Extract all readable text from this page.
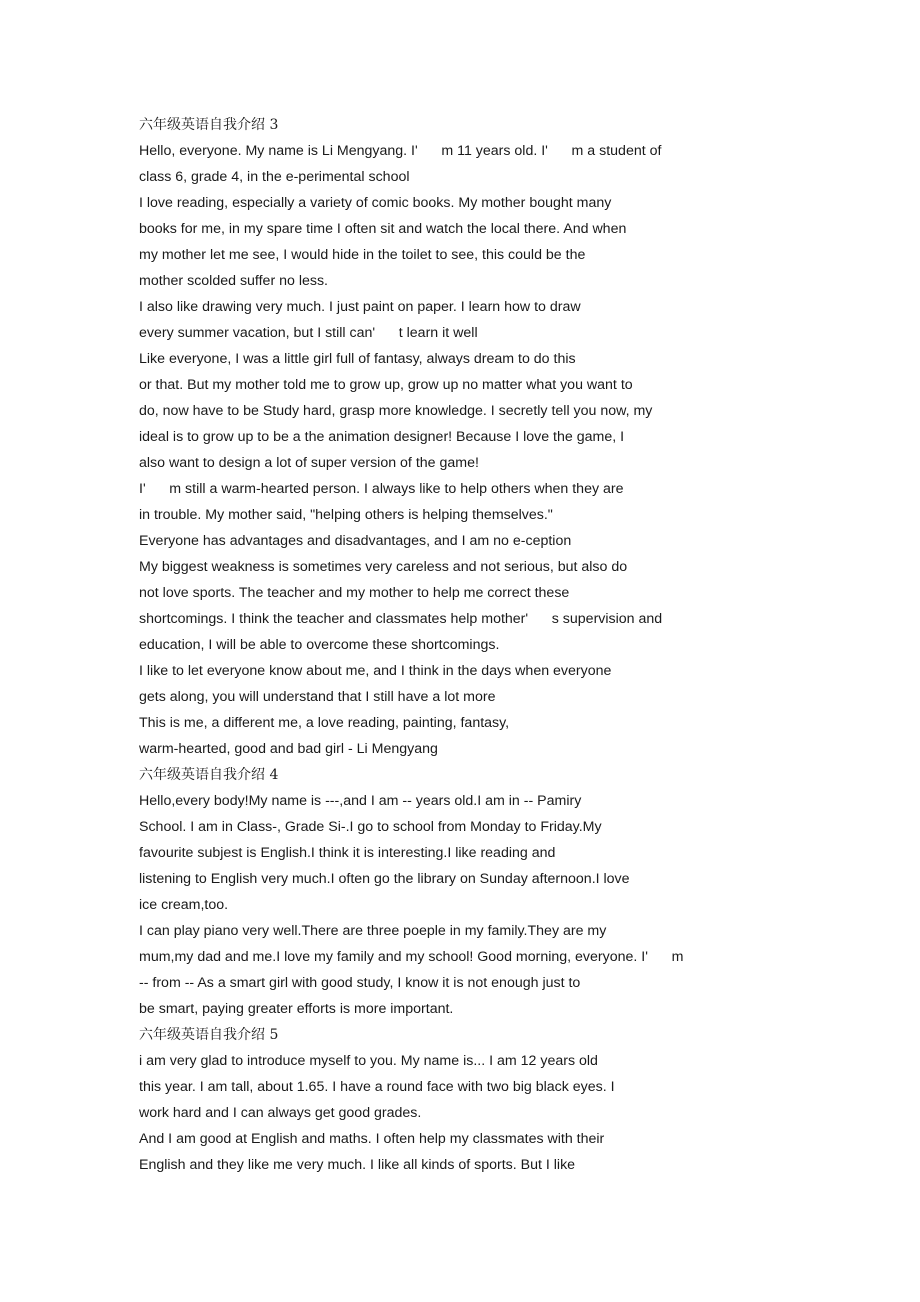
六年级英语自我介绍 3
Hello, everyone. My name is Li Mengyang. I'      m 11 years old. I'      m a student of
class 6, grade 4, in the e-perimental school
I love reading, especially a variety of comic books. My mother bought many
books for me, in my spare time I often sit and watch the local there. And when
my mother let me see, I would hide in the toilet to see, this could be the
mother scolded suffer no less.
I also like drawing very much. I just paint on paper. I learn how to draw
every summer vacation, but I still can'      t learn it well
Like everyone, I was a little girl full of fantasy, always dream to do this
or that. But my mother told me to grow up, grow up no matter what you want to
do, now have to be Study hard, grasp more knowledge. I secretly tell you now, my
ideal is to grow up to be a the animation designer! Because I love the game, I
also want to design a lot of super version of the game!
I'      m still a warm-hearted person. I always like to help others when they are
in trouble. My mother said, "helping others is helping themselves."
Everyone has advantages and disadvantages, and I am no e-ception
My biggest weakness is sometimes very careless and not serious, but also do
not love sports. The teacher and my mother to help me correct these
shortcomings. I think the teacher and classmates help mother'      s supervision and
education, I will be able to overcome these shortcomings.
I like to let everyone know about me, and I think in the days when everyone
gets along, you will understand that I still have a lot more
This is me, a different me, a love reading, painting, fantasy,
warm-hearted, good and bad girl - Li Mengyang
六年级英语自我介绍 4
Hello,every body!My name is ---,and I am -- years old.I am in -- Pamiry
School. I am in Class-, Grade Si-.I go to school from Monday to Friday.My
favourite subjest is English.I think it is interesting.I like reading and
listening to English very much.I often go the library on Sunday afternoon.I love
ice cream,too.
I can play piano very well.There are three poeple in my family.They are my
mum,my dad and me.I love my family and my school! Good morning, everyone. I'      m
-- from -- As a smart girl with good study, I know it is not enough just to
be smart, paying greater efforts is more important.
六年级英语自我介绍 5
i am very glad to introduce myself to you. My name is... I am 12 years old
this year. I am tall, about 1.65. I have a round face with two big black eyes. I
work hard and I can always get good grades.
And I am good at English and maths. I often help my classmates with their
English and they like me very much. I like all kinds of sports. But I like
